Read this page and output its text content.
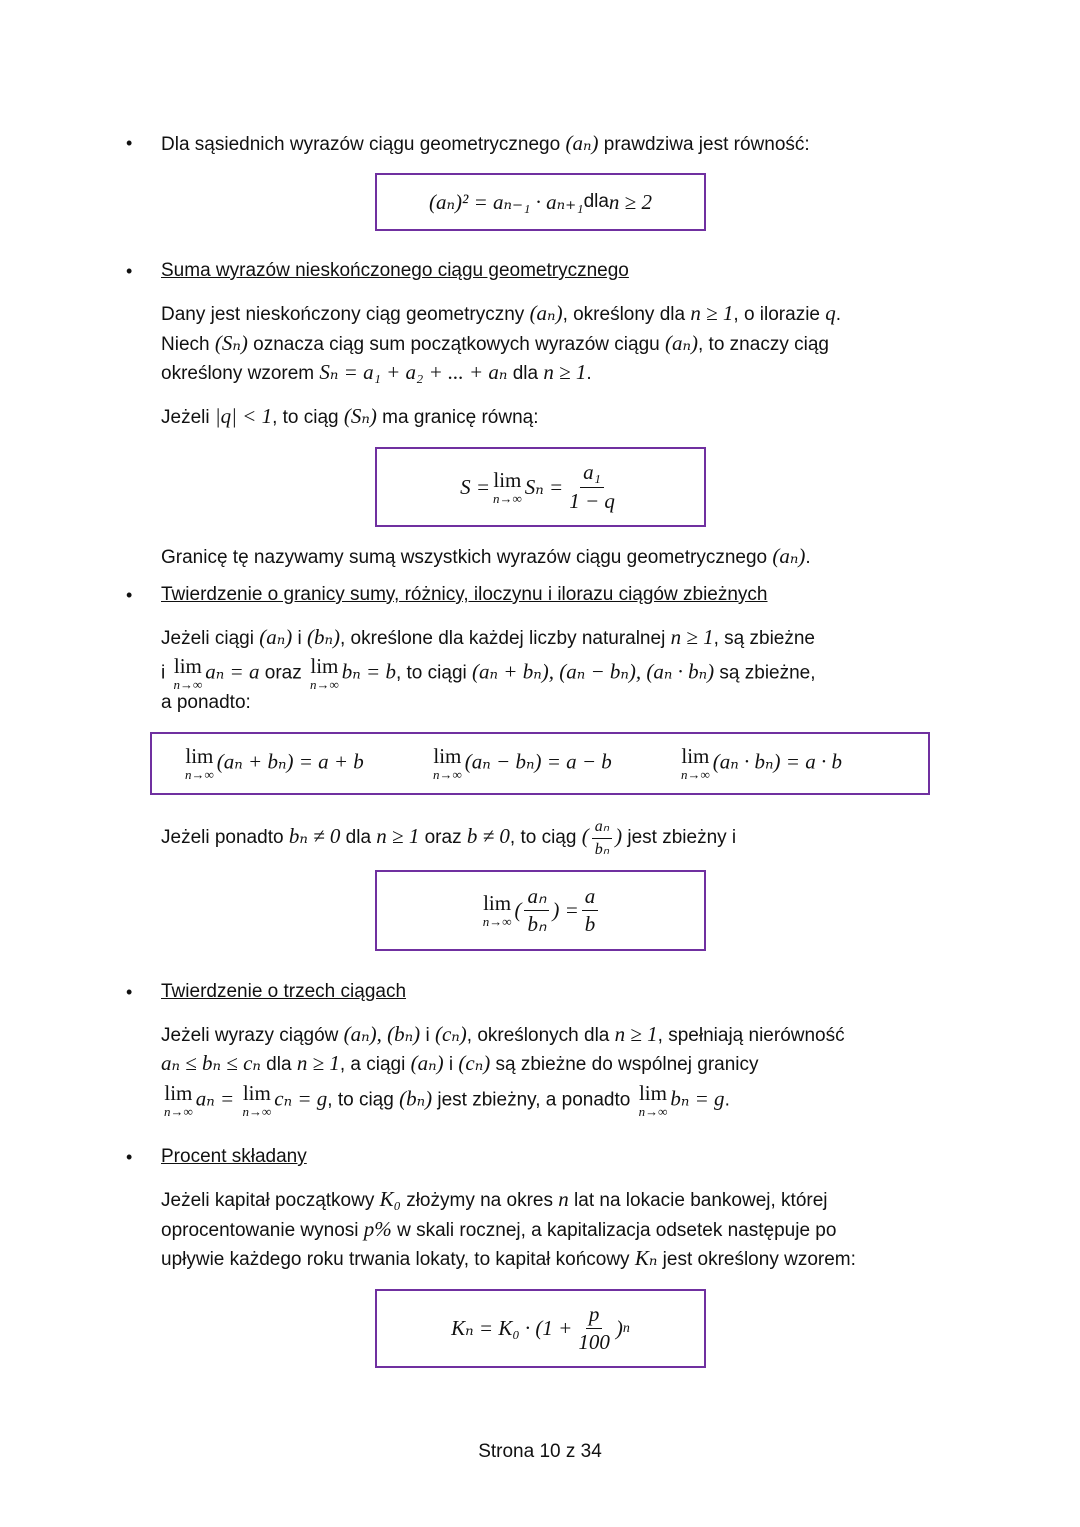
•
•
•
•
•
Dla sąsiednich wyrazów ciągu geometrycznego (aₙ) prawdziwa jest równość:
(aₙ)² = aₙ₋₁ · aₙ₊₁ dla n ≥ 2
Suma wyrazów nieskończonego ciągu geometrycznego
Dany jest nieskończony ciąg geometryczny (aₙ), określony dla n ≥ 1, o ilorazie q.
Niech (Sₙ) oznacza ciąg sum początkowych wyrazów ciągu (aₙ), to znaczy ciąg
określony wzorem Sₙ = a₁ + a₂ + ... + aₙ dla n ≥ 1.
Jeżeli |q| < 1, to ciąg (Sₙ) ma granicę równą:
S = lim
n→∞ $S_n = \frac{\text{a₁}}{1 - q}$
Granicę tę nazywamy sumą wszystkich wyrazów ciągu geometrycznego (aₙ).
Twierdzenie o granicy sumy, różnicy, iloczynu i ilorazu ciągów zbieżnych
Jeżeli ciągi (aₙ) i (bₙ), określone dla każdej liczby naturalnej n ≥ 1, są zbieżne
i lim
n→∞
aₙ = a oraz lim
n→∞
bₙ = b, to ciągi (aₙ + bₙ), (aₙ − bₙ), (aₙ · bₙ) są zbieżne,
a ponadto:
lim
n→∞
(aₙ + bₙ) = a + b	lim
n→∞
(aₙ − bₙ) = a − b	lim
n→∞
(aₙ · bₙ) = a · b
Jeżeli ponadto bₙ ≠ 0 dla n ≥ 1 oraz b ≠ 0, to ciąg ( $\frac{\text{aₙ}}{\text{bₙ}}$ ) jest zbieżny i
lim
n→∞ ( $\frac{\text{aₙ}}{\text{bₙ}}$ ) = $\frac{a}{b}$
Twierdzenie o trzech ciągach
Jeżeli wyrazy ciągów (aₙ), (bₙ) i (cₙ), określonych dla n ≥ 1, spełniają nierówność
aₙ ≤ bₙ ≤ cₙ dla n ≥ 1, a ciągi (aₙ) i (cₙ) są zbieżne do wspólnej granicy
lim
n→∞
aₙ = lim
n→∞
cₙ = g, to ciąg (bₙ) jest zbieżny, a ponadto lim
n→∞
bₙ = g.
Procent składany
Jeżeli kapitał początkowy K₀ złożymy na okres n lat na lokacie bankowej, której
oprocentowanie wynosi p% w skali rocznej, a kapitalizacja odsetek następuje po
upływie każdego roku trwania lokaty, to kapitał końcowy Kₙ jest określony wzorem:
$K_n = K_0 \cdot (1 + \frac{p}{100}$ ) n
Strona 10 z 34
